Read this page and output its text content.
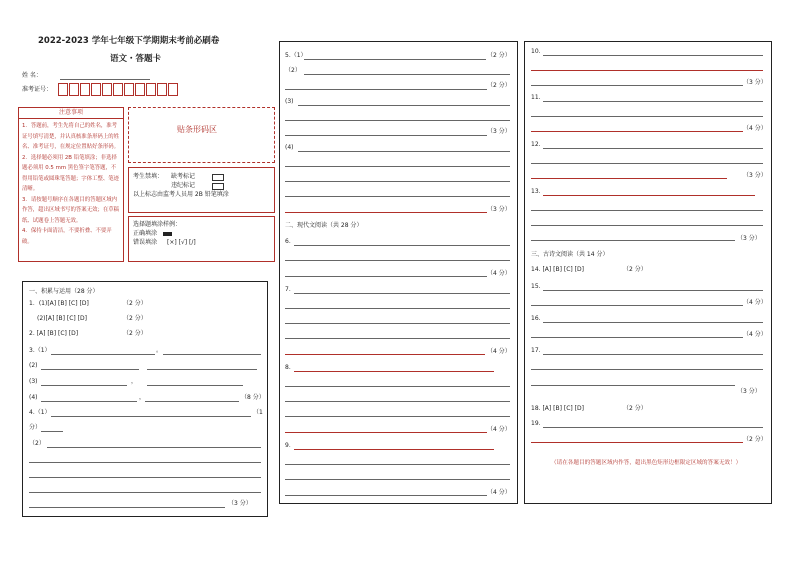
2022-2023 学年七年级下学期期末考前必刷卷
语文・答题卡
姓 名：
准考证号：
注意事项
1．答题前，考生先将自己的姓名，准考证号填写清楚，并认真核准条形码上的姓名、准考证号，在规定位置贴好条形码。
2．选择题必须用 2B 铅笔填涂；非选择题必须用 0.5 mm 黑色签字笔答题，不得用铅笔或圆珠笔答题；字体工整、笔迹清晰。
3．请按题号顺序在各题目的答题区域内作答，超出区域书写的答案无效；在草稿纸、试题卷上答题无效。
4．保持卡面清洁，不要折叠、不要弄破。
贴条形码区
考生禁填： 缺考标记
违纪标记
以上标志由监考人员用 2B 铅笔填涂
选择题填涂样例：
正确填涂
错误填涂 [×] [√] [/]
一、积累与运用（28 分）
1．(1)[A] [B] [C] [D]	（2 分）
(2)[A] [B] [C] [D]	（2 分）
2. [A] [B] [C] [D]	（2 分）
3.（1）	。
(2)
(3)	，
(4)	，	（8 分）
4.（1）	（1
分）
（2）
（3 分）
5.（1）	（2 分）
（2）
（2 分）
(3)
（3 分）
(4)
（3 分）
二、现代文阅读（共 28 分）
6.
（4 分）
7.
（4 分）
8.
（4 分）
9．
（4 分）
10.
（3 分）
11.
（4 分）
12.
（3 分）
13.
（3 分）
三、古诗文阅读（共 14 分）
14. [A] [B] [C] [D]	（2 分）
15.
（4 分）
16.
（4 分）
17.
（3 分）
18. [A] [B] [C] [D]	（2 分）
19.
（2 分）
（请在各题目的答题区域内作答，超出黑色矩形边框限定区域的答案无效！）
